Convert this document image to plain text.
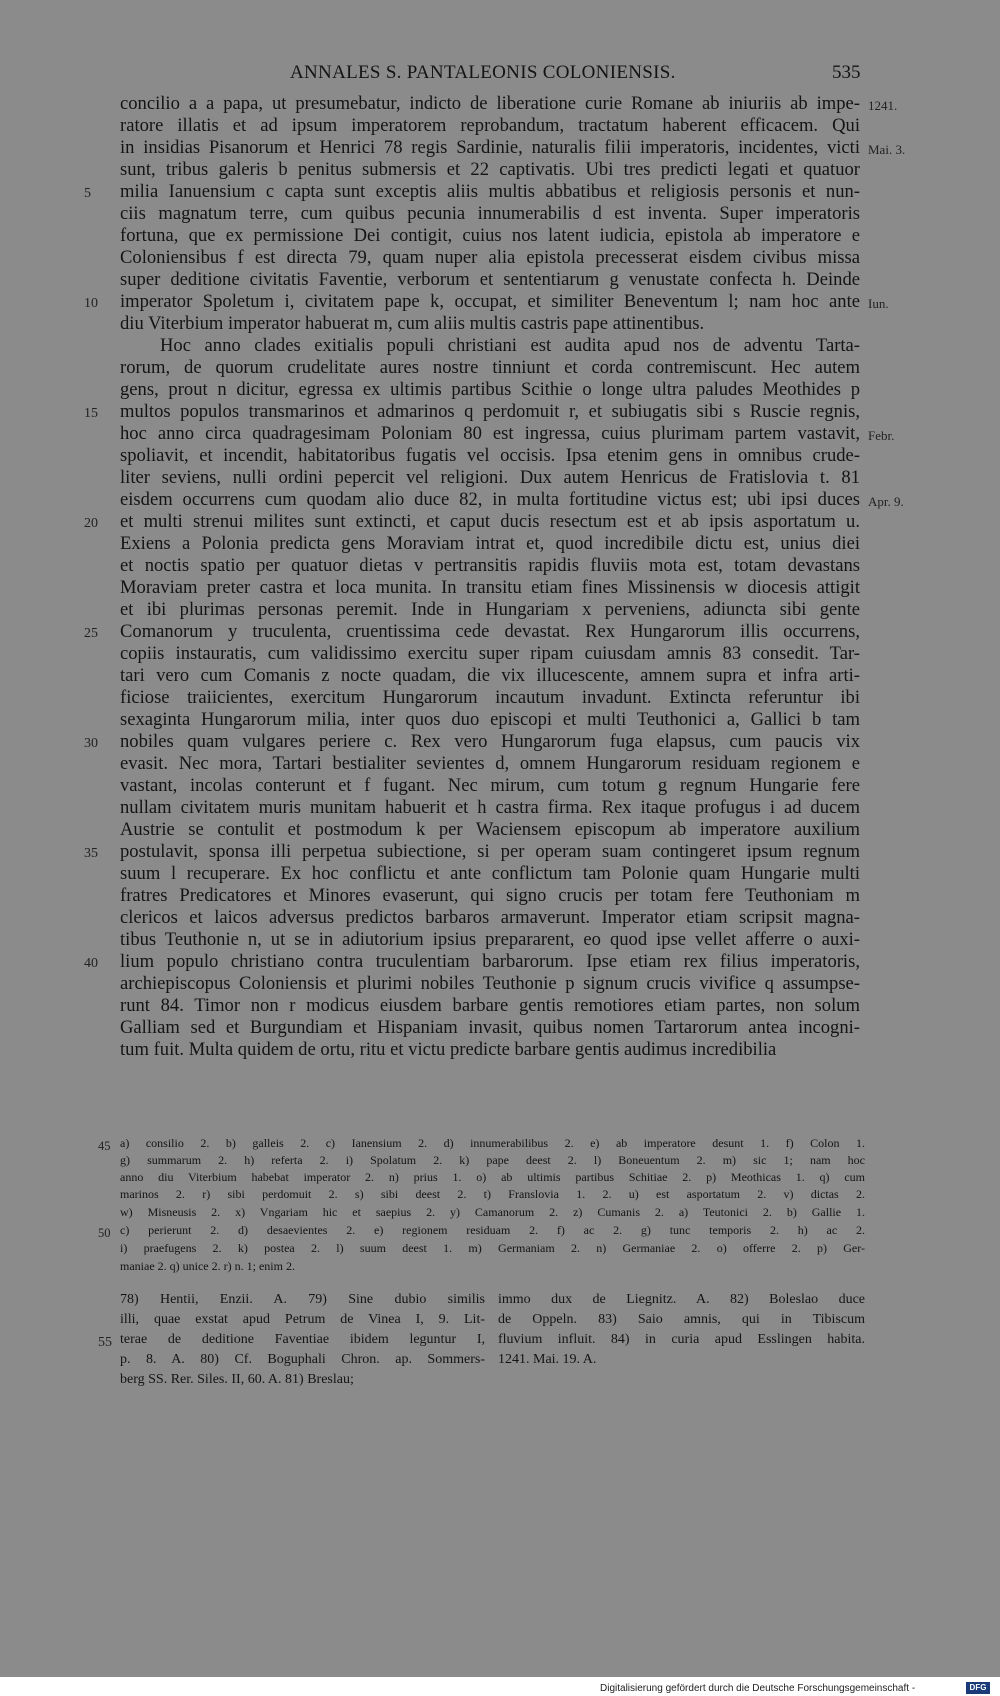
ANNALES S. PANTALEONIS COLONIENSIS.	535
concilio a a papa, ut presumebatur, indicto de liberatione curie Romane ab iniuriis ab impe-
ratore illatis et ad ipsum imperatorem reprobandum, tractatum haberent efficacem. Qui
in insidias Pisanorum et Henrici 78 regis Sardinie, naturalis filii imperatoris, incidentes, victi
sunt, tribus galeris b penitus submersis et 22 captivatis. Ubi tres predicti legati et quatuor
milia Ianuensium c capta sunt exceptis aliis multis abbatibus et religiosis personis et nun-
ciis magnatum terre, cum quibus pecunia innumerabilis d est inventa. Super imperatoris
fortuna, que ex permissione Dei contigit, cuius nos latent iudicia, epistola ab imperatore e
Coloniensibus f est directa 79, quam nuper alia epistola precesserat eisdem civibus missa
super deditione civitatis Faventie, verborum et sententiarum g venustate confecta h. Deinde
imperator Spoletum i, civitatem pape k, occupat, et similiter Beneventum l; nam hoc ante
diu Viterbium imperator habuerat m, cum aliis multis castris pape attinentibus.
Hoc anno clades exitialis populi christiani est audita apud nos de adventu Tarta-
rorum, de quorum crudelitate aures nostre tinniunt et corda contremiscunt. Hec autem
gens, prout n dicitur, egressa ex ultimis partibus Scithie o longe ultra paludes Meothides p
multos populos transmarinos et admarinos q perdomuit r, et subiugatis sibi s Ruscie regnis,
hoc anno circa quadragesimam Poloniam 80 est ingressa, cuius plurimam partem vastavit,
spoliavit, et incendit, habitatoribus fugatis vel occisis. Ipsa etenim gens in omnibus crude-
liter seviens, nulli ordini pepercit vel religioni. Dux autem Henricus de Fratislovia t. 81
eisdem occurrens cum quodam alio duce 82, in multa fortitudine victus est; ubi ipsi duces
et multi strenui milites sunt extincti, et caput ducis resectum est et ab ipsis asportatum u.
Exiens a Polonia predicta gens Moraviam intrat et, quod incredibile dictu est, unius diei
et noctis spatio per quatuor dietas v pertransitis rapidis fluviis mota est, totam devastans
Moraviam preter castra et loca munita. In transitu etiam fines Missinensis w diocesis attigit
et ibi plurimas personas peremit. Inde in Hungariam x perveniens, adiuncta sibi gente
Comanorum y truculenta, cruentissima cede devastat. Rex Hungarorum illis occurrens,
copiis instauratis, cum validissimo exercitu super ripam cuiusdam amnis 83 consedit. Tar-
tari vero cum Comanis z nocte quadam, die vix illucescente, amnem supra et infra arti-
ficiose traiicientes, exercitum Hungarorum incautum invadunt. Extincta referuntur ibi
sexaginta Hungarorum milia, inter quos duo episcopi et multi Teuthonici a, Gallici b tam
nobiles quam vulgares periere c. Rex vero Hungarorum fuga elapsus, cum paucis vix
evasit. Nec mora, Tartari bestialiter sevientes d, omnem Hungarorum residuam regionem e
vastant, incolas conterunt et f fugant. Nec mirum, cum totum g regnum Hungarie fere
nullam civitatem muris munitam habuerit et h castra firma. Rex itaque profugus i ad ducem
Austrie se contulit et postmodum k per Waciensem episcopum ab imperatore auxilium
postulavit, sponsa illi perpetua subiectione, si per operam suam contingeret ipsum regnum
suum l recuperare. Ex hoc conflictu et ante conflictum tam Polonie quam Hungarie multi
fratres Predicatores et Minores evaserunt, qui signo crucis per totam fere Teuthoniam m
clericos et laicos adversus predictos barbaros armaverunt. Imperator etiam scripsit magna-
tibus Teuthonie n, ut se in adiutorium ipsius prepararent, eo quod ipse vellet afferre o auxi-
lium populo christiano contra truculentiam barbarorum. Ipse etiam rex filius imperatoris,
archiepiscopus Coloniensis et plurimi nobiles Teuthonie p signum crucis vivifice q assumpse-
runt 84. Timor non r modicus eiusdem barbare gentis remotiores etiam partes, non solum
Galliam sed et Burgundiam et Hispaniam invasit, quibus nomen Tartarorum antea incogni-
tum fuit. Multa quidem de ortu, ritu et victu predicte barbare gentis audimus incredibilia
5
10
15
20
25
30
35
40
1241.
Mai. 3.
Iun.
Febr.
Apr. 9.
45
50
a) consilio 2. b) galleis 2. c) Ianensium 2. d) innumerabilibus 2. e) ab imperatore desunt 1. f) Colon 1.
g) summarum 2. h) referta 2. i) Spolatum 2. k) pape deest 2. l) Boneuentum 2. m) sic 1; nam hoc
anno diu Viterbium habebat imperator 2. n) prius 1. o) ab ultimis partibus Schitiae 2. p) Meothicas 1. q) cum
marinos 2. r) sibi perdomuit 2. s) sibi deest 2. t) Franslovia 1. 2. u) est asportatum 2. v) dictas 2.
w) Misneusis 2. x) Vngariam hic et saepius 2. y) Camanorum 2. z) Cumanis 2. a) Teutonici 2. b) Gallie 1.
c) perierunt 2. d) desaevientes 2. e) regionem residuam 2. f) ac 2. g) tunc temporis 2. h) ac 2.
i) praefugens 2. k) postea 2. l) suum deest 1. m) Germaniam 2. n) Germaniae 2. o) offerre 2. p) Ger-
maniae 2. q) unice 2. r) n. 1; enim 2.
55
78) Hentii, Enzii. A. 79) Sine dubio similis
illi, quae exstat apud Petrum de Vinea I, 9. Lit-
terae de deditione Faventiae ibidem leguntur I,
p. 8. A. 80) Cf. Boguphali Chron. ap. Sommers-
berg SS. Rer. Siles. II, 60. A. 81) Breslau;
immo dux de Liegnitz. A. 82) Boleslao duce
de Oppeln. 83) Saio amnis, qui in Tibiscum
fluvium influit. 84) in curia apud Esslingen habita.
1241. Mai. 19. A.
Digitalisierung gefördert durch die Deutsche Forschungsgemeinschaft -	DFG
